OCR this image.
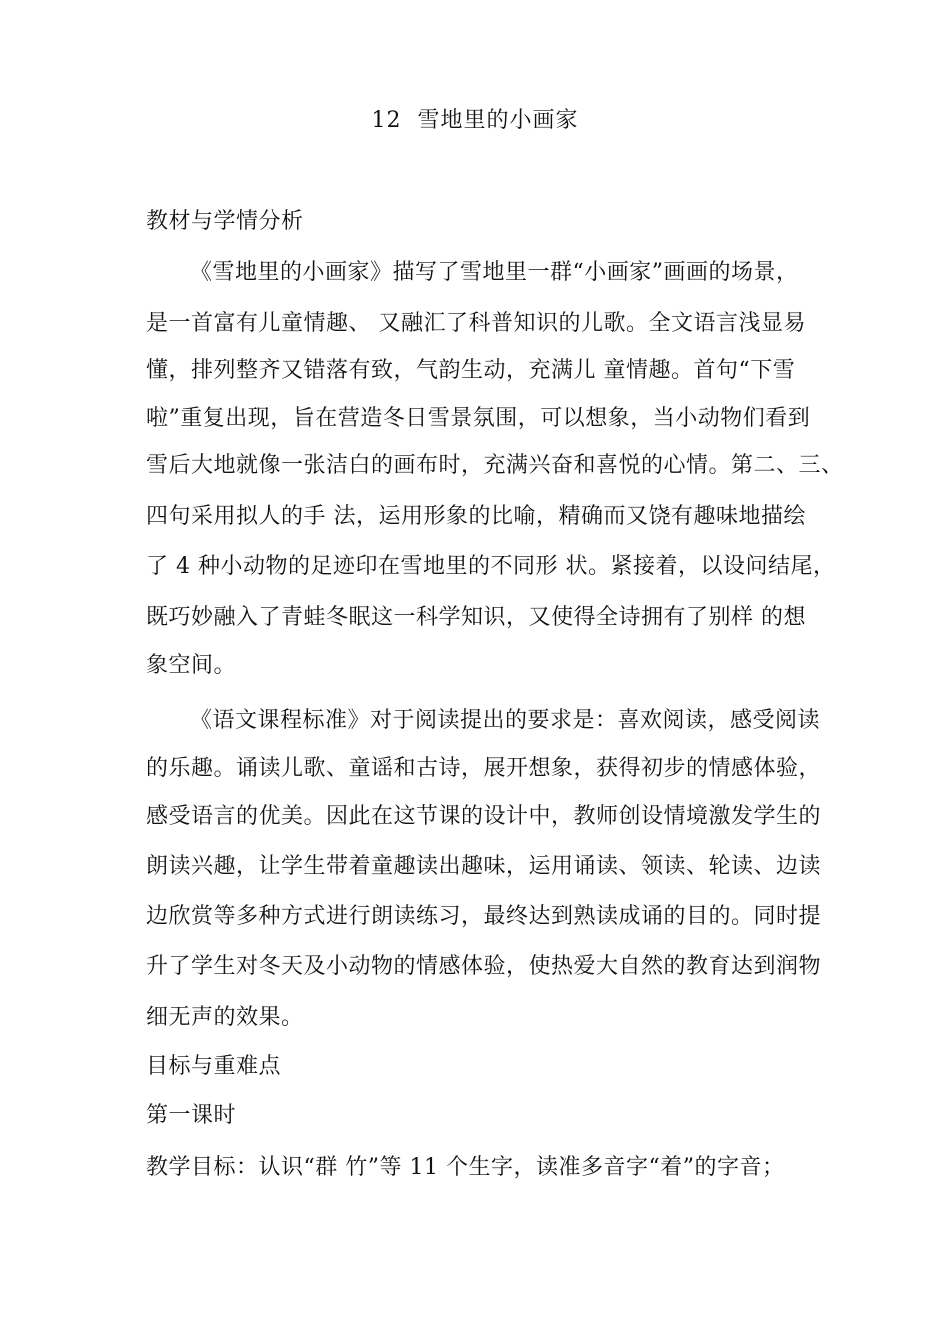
12 雪地里的小画家
教材与学情分析
《雪地里的小画家》描写了雪地里一群“小画家”画画的场景，
是一首富有儿童情趣、 又融汇了科普知识的儿歌。全文语言浅显易
懂，排列整齐又错落有致，气韵生动，充满儿 童情趣。首句“下雪
啦”重复出现，旨在营造冬日雪景氛围，可以想象，当小动物们看到
雪后大地就像一张洁白的画布时，充满兴奋和喜悦的心情。第二、三、
四句采用拟人的手 法，运用形象的比喻，精确而又饶有趣味地描绘
了 4 种小动物的足迹印在雪地里的不同形 状。紧接着，以设问结尾，
既巧妙融入了青蛙冬眠这一科学知识，又使得全诗拥有了别样 的想
象空间。
《语文课程标准》对于阅读提出的要求是：喜欢阅读，感受阅读
的乐趣。诵读儿歌、童谣和古诗，展开想象，获得初步的情感体验，
感受语言的优美。因此在这节课的设计中，教师创设情境激发学生的
朗读兴趣，让学生带着童趣读出趣味，运用诵读、领读、轮读、边读
边欣赏等多种方式进行朗读练习，最终达到熟读成诵的目的。同时提
升了学生对冬天及小动物的情感体验，使热爱大自然的教育达到润物
细无声的效果。
目标与重难点
第一课时
教学目标：认识“群 竹”等 11 个生字，读准多音字“着”的字音；
